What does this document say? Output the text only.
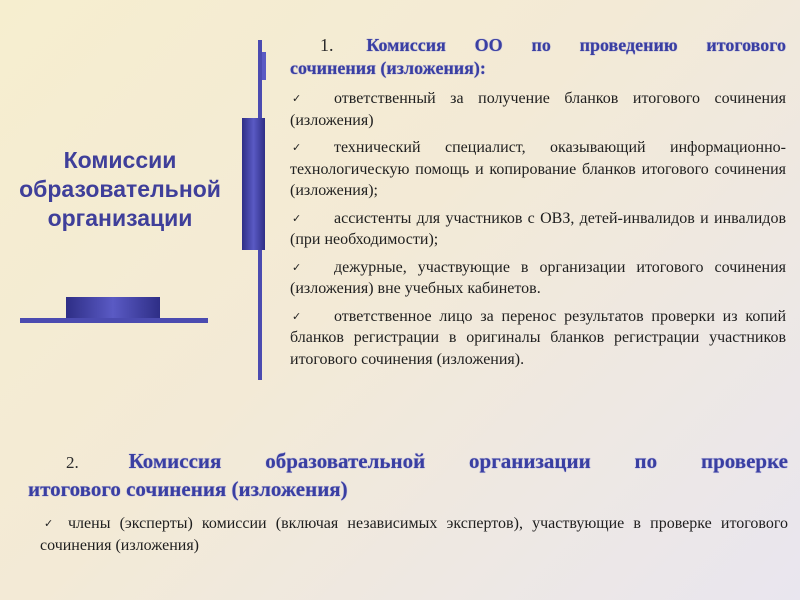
Комиссии
образовательной
организации

1. Комиссия ОО по проведению итогового

сочинения (изложения):

✓ ответственный за получение бланков итогового сочинения (изложения)
✓ технический специалист, оказывающий информационно-технологическую помощь и копирование бланков итогового сочинения (изложения);
✓ ассистенты для участников с ОВЗ, детей-инвалидов и инвалидов (при необходимости);
✓ дежурные, участвующие в организации итогового сочинения (изложения) вне учебных кабинетов.
✓ ответственное лицо за перенос результатов проверки из копий бланков регистрации в оригиналы бланков регистрации участников итогового сочинения (изложения).

2. Комиссия образовательной организации по проверке

итогового сочинения (изложения)

✓ члены (эксперты) комиссии (включая независимых экспертов), участвующие в проверке итогового сочинения (изложения)
